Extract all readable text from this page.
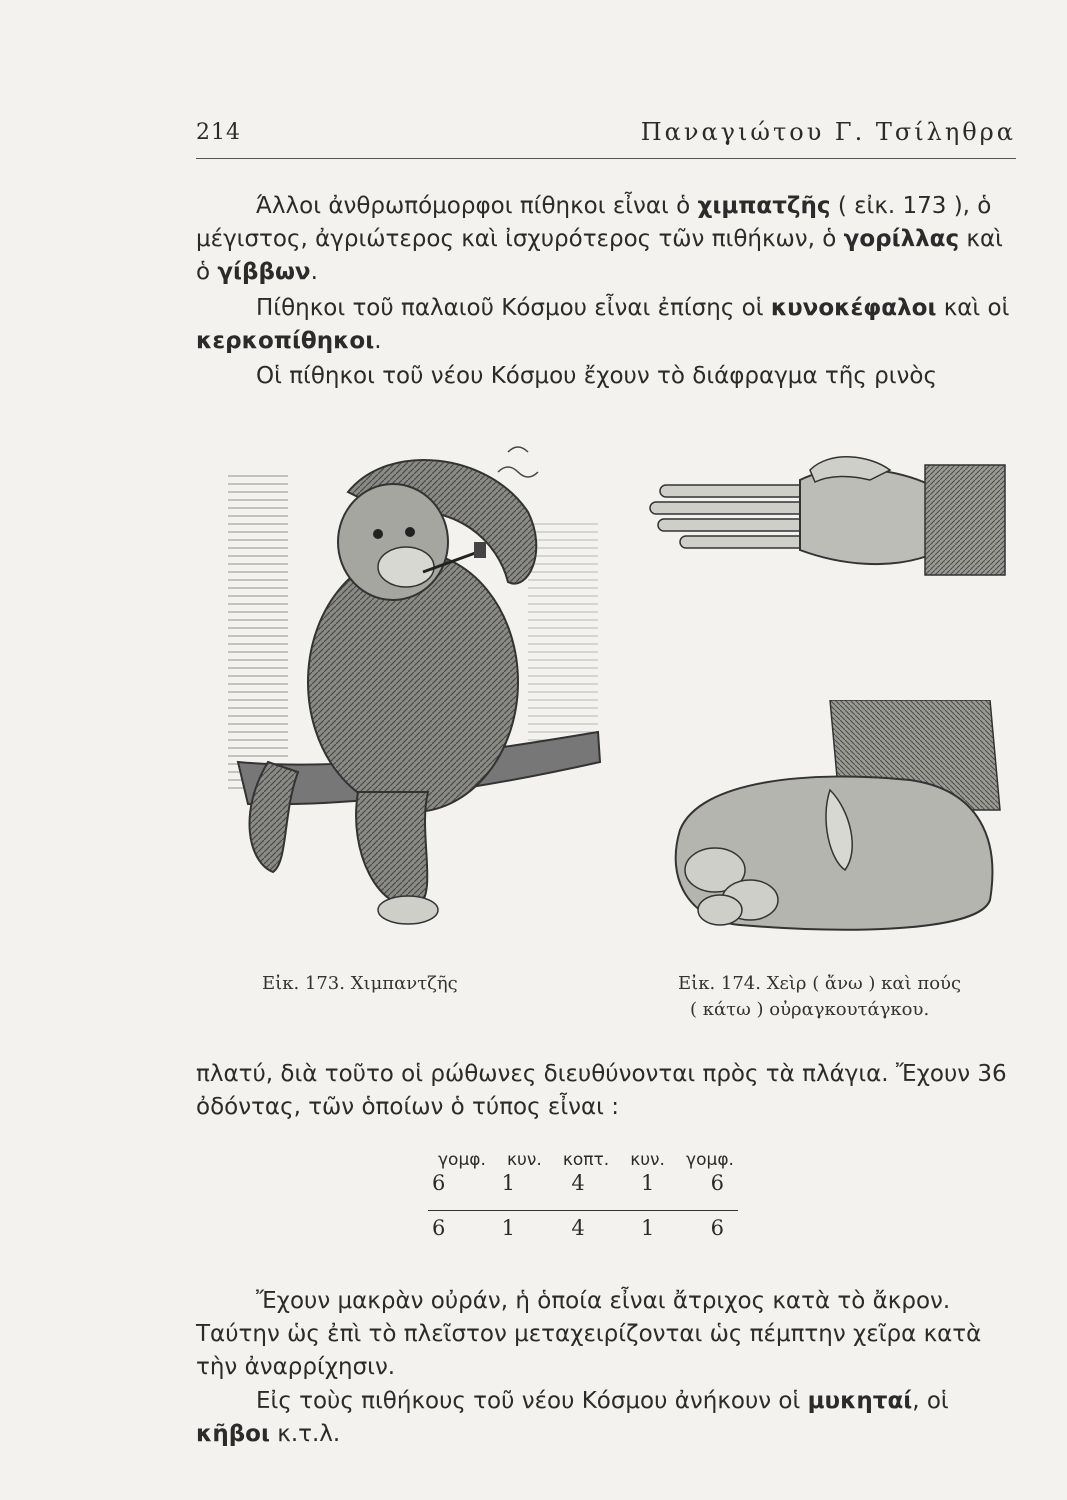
214	Παναγιώτου Γ. Τσίληθρα

Άλλοι ἀνθρωπόμορφοι πίθηκοι εἶναι ὁ χιμπατζῆς ( εἰκ. 173 ), ὁ μέγιστος, ἀγριώτερος καὶ ἰσχυρότερος τῶν πιθήκων, ὁ γορίλλας καὶ ὁ γίββων.

Πίθηκοι τοῦ παλαιοῦ Κόσμου εἶναι ἐπίσης οἱ κυνοκέφαλοι καὶ οἱ κερκοπίθηκοι.

Οἱ πίθηκοι τοῦ νέου Κόσμου ἔχουν τὸ διάφραγμα τῆς ρινὸς

Εἰκ. 173. Χιμπαντζῆς	Εἰκ. 174. Χεὶρ ( ἄνω ) καὶ πούς
( κάτω ) οὐραγκουτάγκου.

πλατύ, διὰ τοῦτο οἱ ρώθωνες διευθύνονται πρὸς τὰ πλάγια. Ἔχουν 36 ὀδόντας, τῶν ὁποίων ὁ τύπος εἶναι :

γομφ. κυν. κοπτ. κυν. γομφ.
6	1	4	1	6
6	1	4	1	6

Ἔχουν μακρὰν οὐράν, ἡ ὁποία εἶναι ἄτριχος κατὰ τὸ ἄκρον. Ταύτην ὡς ἐπὶ τὸ πλεῖστον μεταχειρίζονται ὡς πέμπτην χεῖρα κατὰ τὴν ἀναρρίχησιν.

Εἰς τοὺς πιθήκους τοῦ νέου Κόσμου ἀνήκουν οἱ μυκηταί, οἱ κῆβοι κ.τ.λ.
